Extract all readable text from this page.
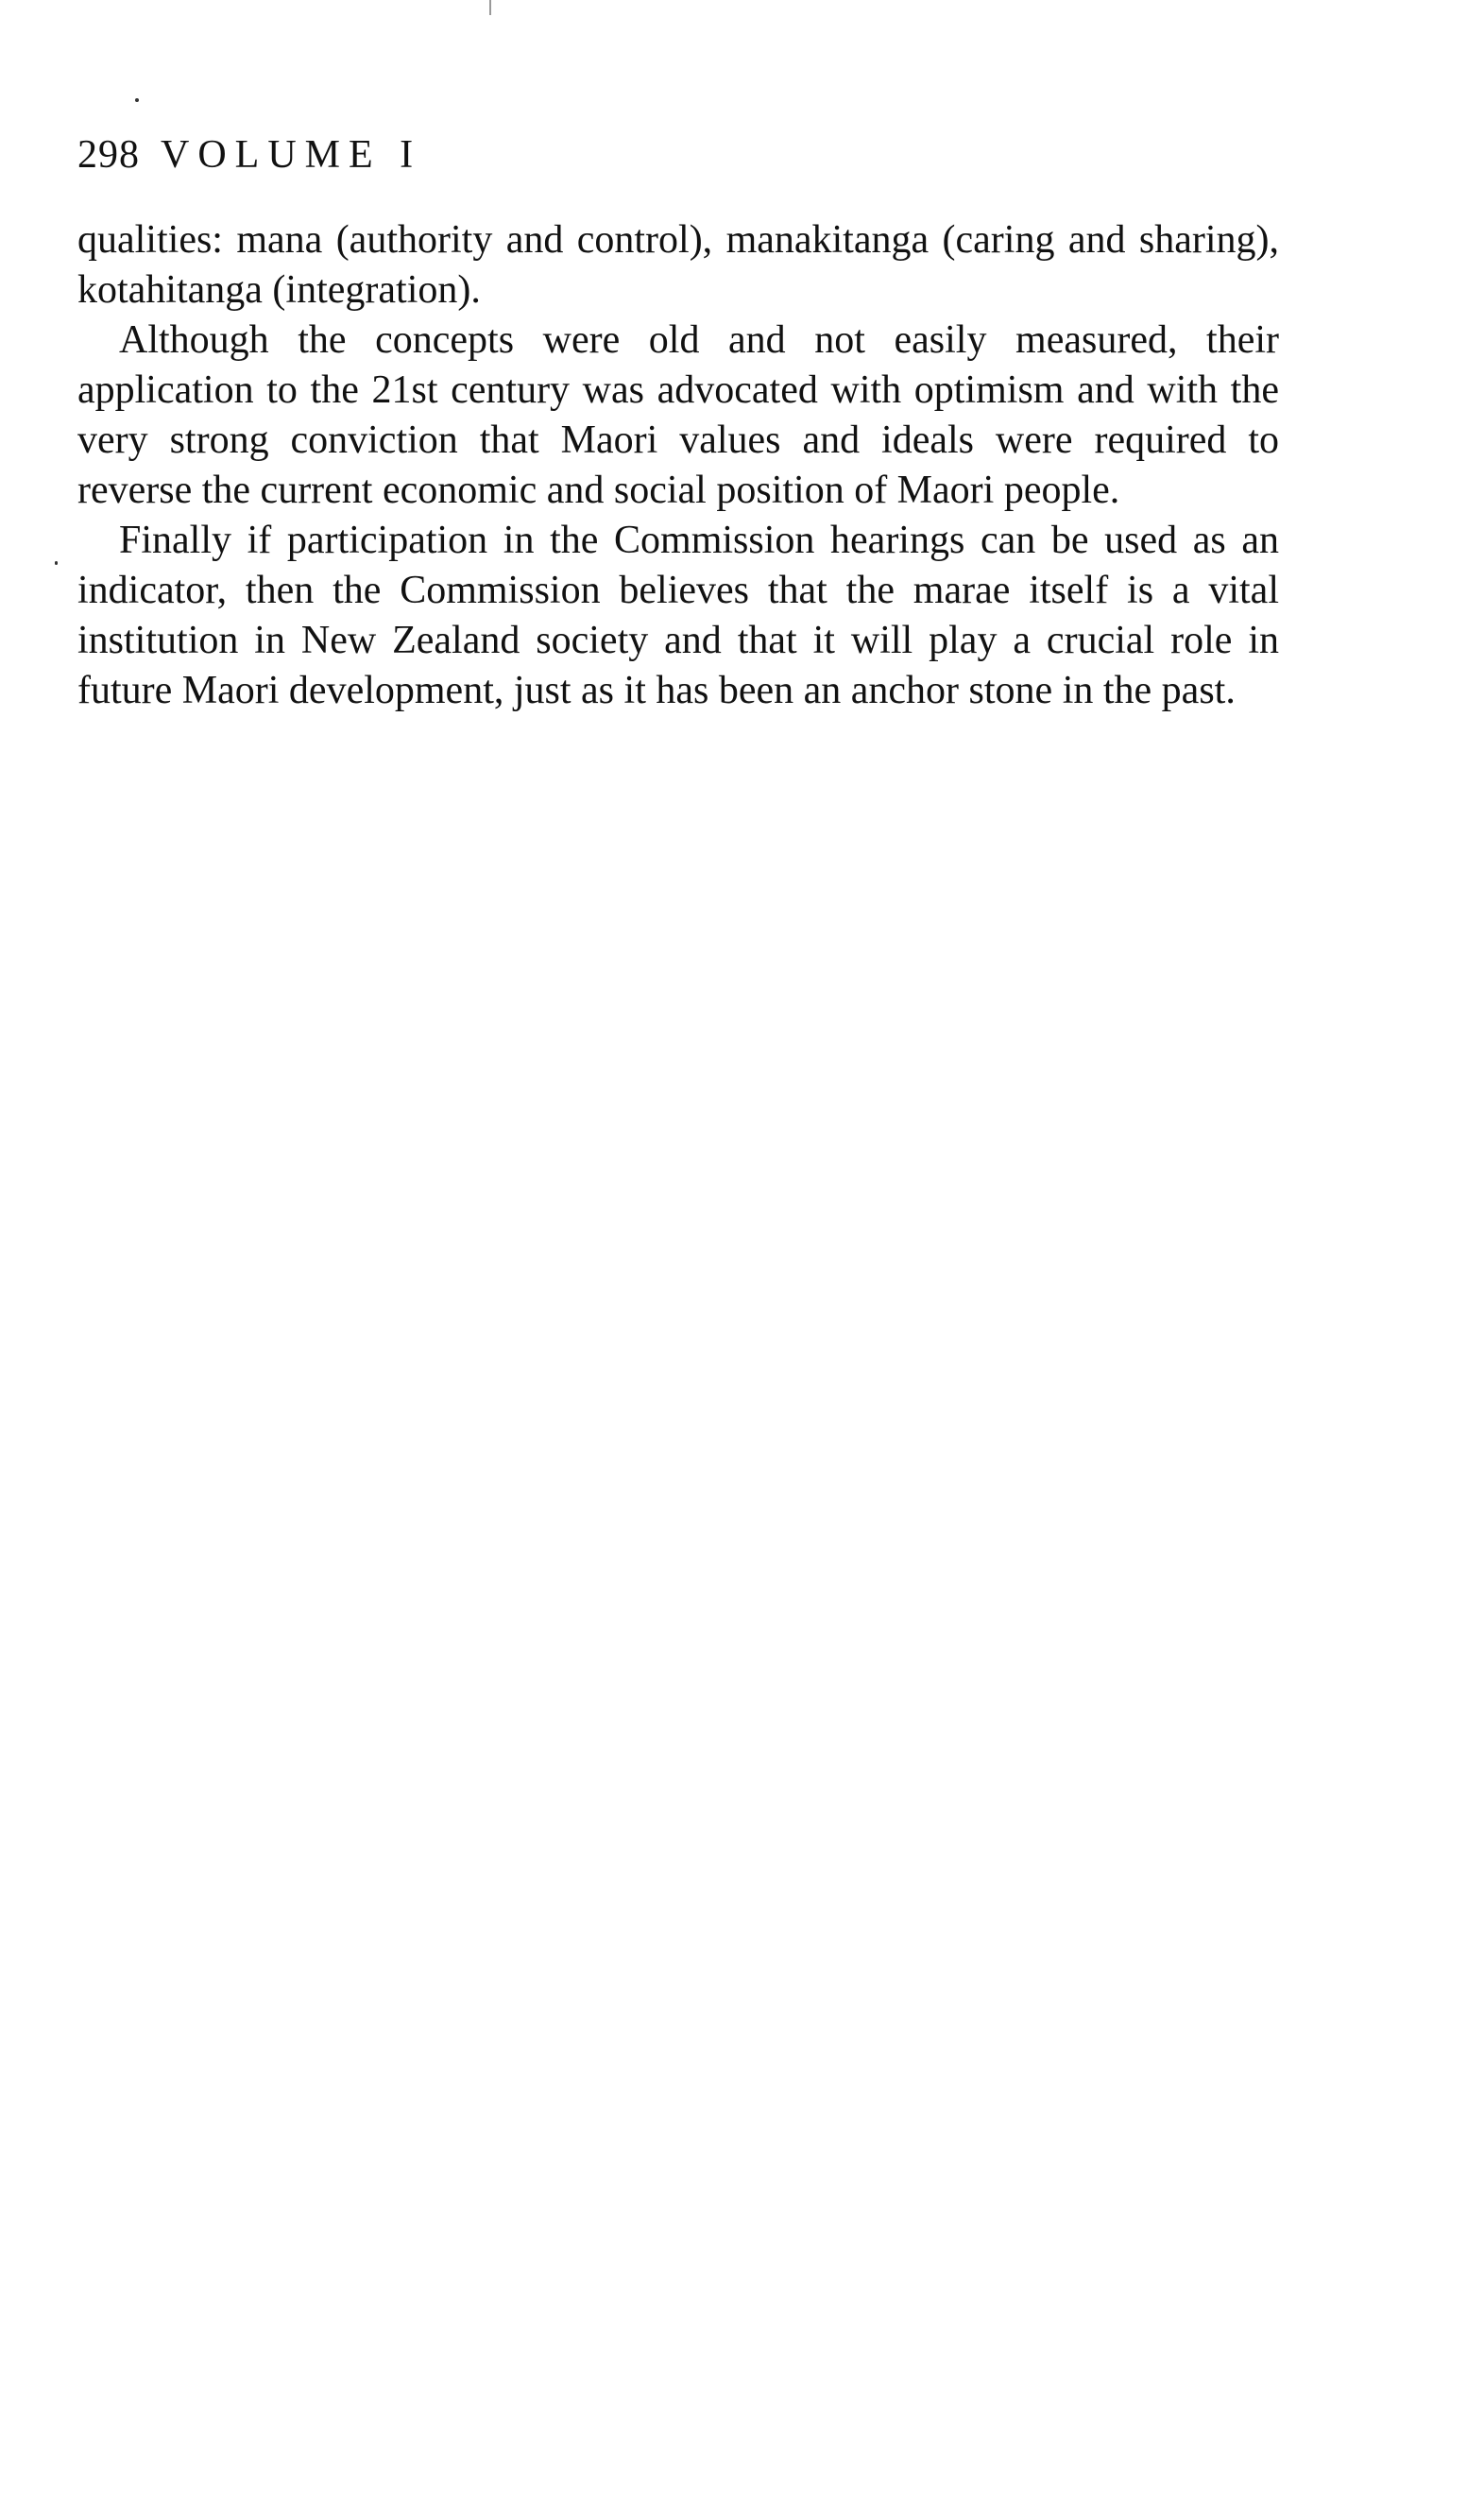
298 VOLUME I

qualities: mana (authority and control), manakitanga (caring and sharing), kotahitanga (integration).

Although the concepts were old and not easily measured, their application to the 21st century was advocated with optimism and with the very strong conviction that Maori values and ideals were required to reverse the current economic and social position of Maori people.

Finally if participation in the Commission hearings can be used as an indicator, then the Commission believes that the marae itself is a vital institution in New Zealand society and that it will play a crucial role in future Maori development, just as it has been an anchor stone in the past.
